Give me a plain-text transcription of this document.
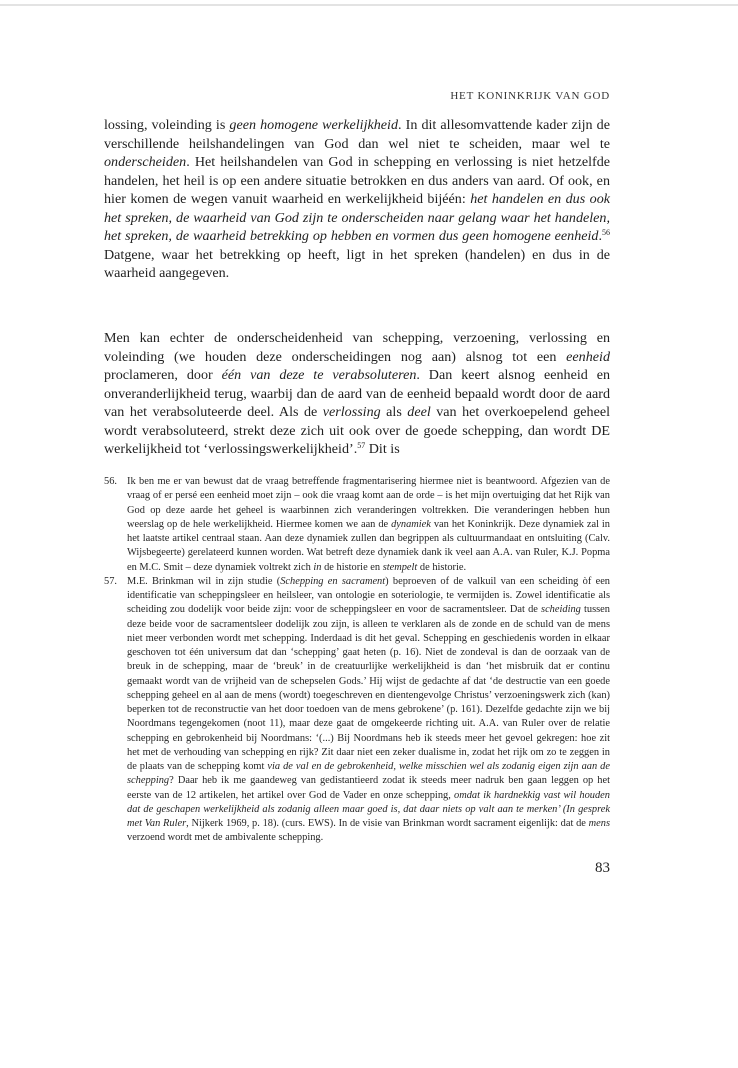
HET KONINKRIJK VAN GOD

lossing, voleinding is geen homogene werkelijkheid. In dit allesomvattende kader zijn de verschillende heilshandelingen van God dan wel niet te scheiden, maar wel te onderscheiden. Het heilshandelen van God in schepping en verlossing is niet hetzelfde handelen, het heil is op een andere situatie betrokken en dus anders van aard. Of ook, en hier komen de wegen vanuit waarheid en werkelijkheid bijéén: het handelen en dus ook het spreken, de waarheid van God zijn te onderscheiden naar gelang waar het handelen, het spreken, de waarheid betrekking op hebben en vormen dus geen homogene eenheid.$^{56}$ Datgene, waar het betrekking op heeft, ligt in het spreken (handelen) en dus in de waarheid aangegeven.

Men kan echter de onderscheidenheid van schepping, verzoening, verlossing en voleinding (we houden deze onderscheidingen nog aan) alsnog tot een eenheid proclameren, door één van deze te verabsoluteren. Dan keert alsnog eenheid en onveranderlijkheid terug, waarbij dan de aard van de eenheid bepaald wordt door de aard van het verabsoluteerde deel. Als de verlossing als deel van het overkoepelend geheel wordt verabsoluteerd, strekt deze zich uit ook over de goede schepping, dan wordt DE werkelijkheid tot ‘verlossingswerkelijkheid’.$^{57}$ Dit is

56. Ik ben me er van bewust dat de vraag betreffende fragmentarisering hiermee niet is beantwoord. Afgezien van de vraag of er persé een eenheid moet zijn – ook die vraag komt aan de orde – is het mijn overtuiging dat het Rijk van God op deze aarde het geheel is waarbinnen zich veranderingen voltrekken. Die veranderingen hebben hun weerslag op de hele werkelijkheid. Hiermee komen we aan de dynamiek van het Koninkrijk. Deze dynamiek zal in het laatste artikel centraal staan. Aan deze dynamiek zullen dan begrippen als cultuurmandaat en ontsluiting (Calv. Wijsbegeerte) gerelateerd kunnen worden. Wat betreft deze dynamiek dank ik veel aan A.A. van Ruler, K.J. Popma en M.C. Smit – deze dynamiek voltrekt zich in de historie en stempelt de historie.

57. M.E. Brinkman wil in zijn studie (Schepping en sacrament) beproeven of de valkuil van een scheiding òf een identificatie van scheppingsleer en heilsleer, van ontologie en soteriologie, te vermijden is. Zowel identificatie als scheiding zou dodelijk voor beide zijn: voor de scheppingsleer en voor de sacramentsleer. Dat de scheiding tussen deze beide voor de sacramentsleer dodelijk zou zijn, is alleen te verklaren als de zonde en de schuld van de mens niet meer verbonden wordt met schepping. Inderdaad is dit het geval. Schepping en geschiedenis worden in elkaar geschoven tot één universum dat dan ‘schepping’ gaat heten (p. 16). Niet de zondeval is dan de oorzaak van de breuk in de schepping, maar de ‘breuk’ in de creatuurlijke werkelijkheid is dan ‘het misbruik dat er continu gemaakt wordt van de vrijheid van de schepselen Gods.’ Hij wijst de gedachte af dat ‘de destructie van een goede schepping geheel en al aan de mens (wordt) toegeschreven en dientengevolge Christus’ verzoeningswerk zich (kan) beperken tot de reconstructie van het door toedoen van de mens gebrokene’ (p. 161). Dezelfde gedachte zijn we bij Noordmans tegengekomen (noot 11), maar deze gaat de omgekeerde richting uit. A.A. van Ruler over de relatie schepping en gebrokenheid bij Noordmans: ‘(...) Bij Noordmans heb ik steeds meer het gevoel gekregen: hoe zit het met de verhouding van schepping en rijk? Zit daar niet een zeker dualisme in, zodat het rijk om zo te zeggen in de plaats van de schepping komt via de val en de gebrokenheid, welke misschien wel als zodanig eigen zijn aan de schepping? Daar heb ik me gaandeweg van gedistantieerd zodat ik steeds meer nadruk ben gaan leggen op het eerste van de 12 artikelen, het artikel over God de Vader en onze schepping, omdat ik hardnekkig vast wil houden dat de geschapen werkelijkheid als zodanig alleen maar goed is, dat daar niets op valt aan te merken’ (In gesprek met Van Ruler, Nijkerk 1969, p. 18). (curs. EWS). In de visie van Brinkman wordt sacrament eigenlijk: dat de mens verzoend wordt met de ambivalente schepping.

83
